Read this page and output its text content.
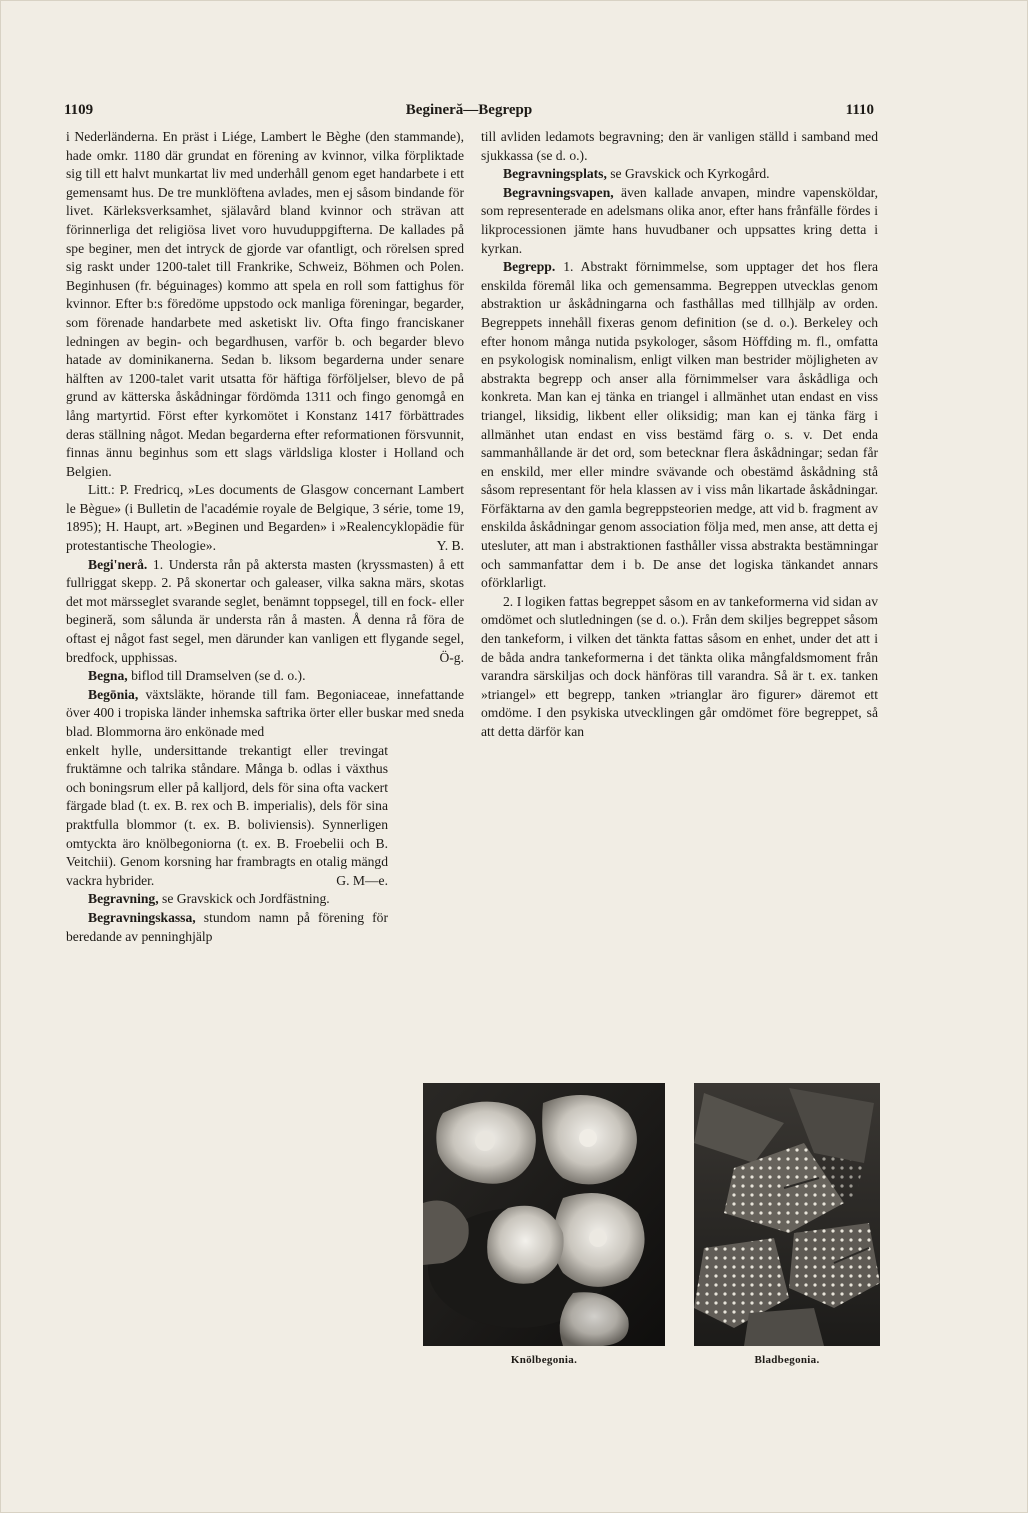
1109	Begineră—Begrepp	1110

i Nederländerna. En präst i Liége, Lambert le Bèghe (den stammande), hade omkr. 1180 där grundat en förening av kvinnor, vilka förpliktade sig till ett halvt munkartat liv med underhåll genom eget handarbete i ett gemensamt hus. De tre munklöftena avlades, men ej såsom bindande för livet. Kärleksverksamhet, själavård bland kvinnor och strävan att förinnerliga det religiösa livet voro huvuduppgifterna. De kallades på spe beginer, men det intryck de gjorde var ofantligt, och rörelsen spred sig raskt under 1200-talet till Frankrike, Schweiz, Böhmen och Polen. Beginhusen (fr. béguinages) kommo att spela en roll som fattighus för kvinnor. Efter b:s föredöme uppstodo ock manliga föreningar, begarder, som förenade handarbete med asketiskt liv. Ofta fingo franciskaner ledningen av begin- och begardhusen, varför b. och begarder blevo hatade av dominikanerna. Sedan b. liksom begarderna under senare hälften av 1200-talet varit utsatta för häftiga förföljelser, blevo de på grund av kätterska åskådningar fördömda 1311 och fingo genomgå en lång martyrtid. Först efter kyrkomötet i Konstanz 1417 förbättrades deras ställning något. Medan begarderna efter reformationen försvunnit, finnas ännu beginhus som ett slags världsliga kloster i Holland och Belgien.

Litt.: P. Fredricq, »Les documents de Glasgow concernant Lambert le Bègue» (i Bulletin de l'académie royale de Belgique, 3 série, tome 19, 1895); H. Haupt, art. »Beginen und Begarden» i »Realencyklopädie für protestantische Theologie».	Y. B.

Begi'nerå. 1. Understa rån på aktersta masten (kryssmasten) å ett fullriggat skepp. 2. På skonertar och galeaser, vilka sakna märs, skotas det mot märsseglet svarande seglet, benämnt toppsegel, till en fock- eller begineră, som sålunda är understa rån å masten. Å denna rå föra de oftast ej något fast segel, men därunder kan vanligen ett flygande segel, bredfock, upphissas.	Ö-g.

Begna, biflod till Dramselven (se d. o.).

Begōnia, växtsläkte, hörande till fam. Begoniaceae, innefattande över 400 i tropiska länder inhemska saftrika örter eller buskar med sneda blad. Blommorna äro enkönade med

enkelt hylle, undersittande trekantigt eller trevingat fruktämne och talrika ståndare. Många b. odlas i växthus och boningsrum eller på kalljord, dels för sina ofta vackert färgade blad (t. ex. B. rex och B. imperialis), dels för sina praktfulla blommor (t. ex. B. boliviensis). Synnerligen omtyckta äro knölbegoniorna (t. ex. B. Froebelii och B. Veitchii). Genom korsning har frambragts en otalig mängd vackra hybrider.	G. M—e.

Begravning, se Gravskick och Jordfästning.

Begravningskassa, stundom namn på förening för beredande av penninghjälp

till avliden ledamots begravning; den är vanligen ställd i samband med sjukkassa (se d. o.).

Begravningsplats, se Gravskick och Kyrkogård.

Begravningsvapen, även kallade anvapen, mindre vapensköldar, som representerade en adelsmans olika anor, efter hans frånfälle fördes i likprocessionen jämte hans huvudbaner och uppsattes kring detta i kyrkan.

Begrepp. 1. Abstrakt förnimmelse, som upptager det hos flera enskilda föremål lika och gemensamma. Begreppen utvecklas genom abstraktion ur åskådningarna och fasthållas med tillhjälp av orden. Begreppets innehåll fixeras genom definition (se d. o.). Berkeley och efter honom många nutida psykologer, såsom Höffding m. fl., omfatta en psykologisk nominalism, enligt vilken man bestrider möjligheten av abstrakta begrepp och anser alla förnimmelser vara åskådliga och konkreta. Man kan ej tänka en triangel i allmänhet utan endast en viss triangel, liksidig, likbent eller oliksidig; man kan ej tänka färg i allmänhet utan endast en viss bestämd färg o. s. v. Det enda sammanhållande är det ord, som betecknar flera åskådningar; sedan får en enskild, mer eller mindre svävande och obestämd åskådning stå såsom representant för hela klassen av i viss mån likartade åskådningar. Förfäktarna av den gamla begreppsteorien medge, att vid b. fragment av enskilda åskådningar genom association följa med, men anse, att detta ej utesluter, att man i abstraktionen fasthåller vissa abstrakta bestämningar och sammanfattar dem i b. De anse det logiska tänkandet annars oförklarligt.

2. I logiken fattas begreppet såsom en av tankeformerna vid sidan av omdömet och slutledningen (se d. o.). Från dem skiljes begreppet såsom den tankeform, i vilken det tänkta fattas såsom en enhet, under det att i de båda andra tankeformerna i det tänkta olika mångfaldsmoment från varandra särskiljas och dock hänföras till varandra. Så är t. ex. tanken »triangel» ett begrepp, tanken »trianglar äro figurer» däremot ett omdöme. I den psykiska utvecklingen går omdömet före begreppet, så att detta därför kan

Knölbegonia.	Bladbegonia.
